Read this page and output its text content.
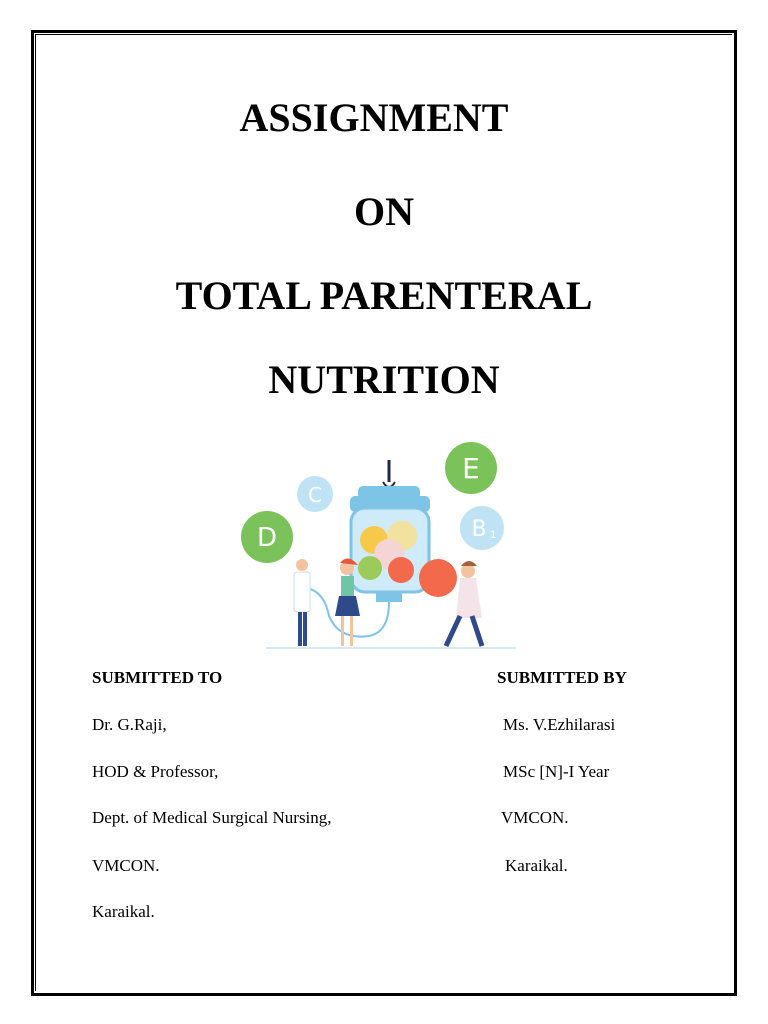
ASSIGNMENT
ON
TOTAL PARENTERAL
NUTRITION
D
C
E
B 1

SUBMITTED TO	SUBMITTED BY

Dr. G.Raji,

HOD & Professor,

Dept. of Medical Surgical Nursing,

VMCON.

Karaikal.

Ms. V.Ezhilarasi

MSc [N]-I Year

VMCON.

Karaikal.
